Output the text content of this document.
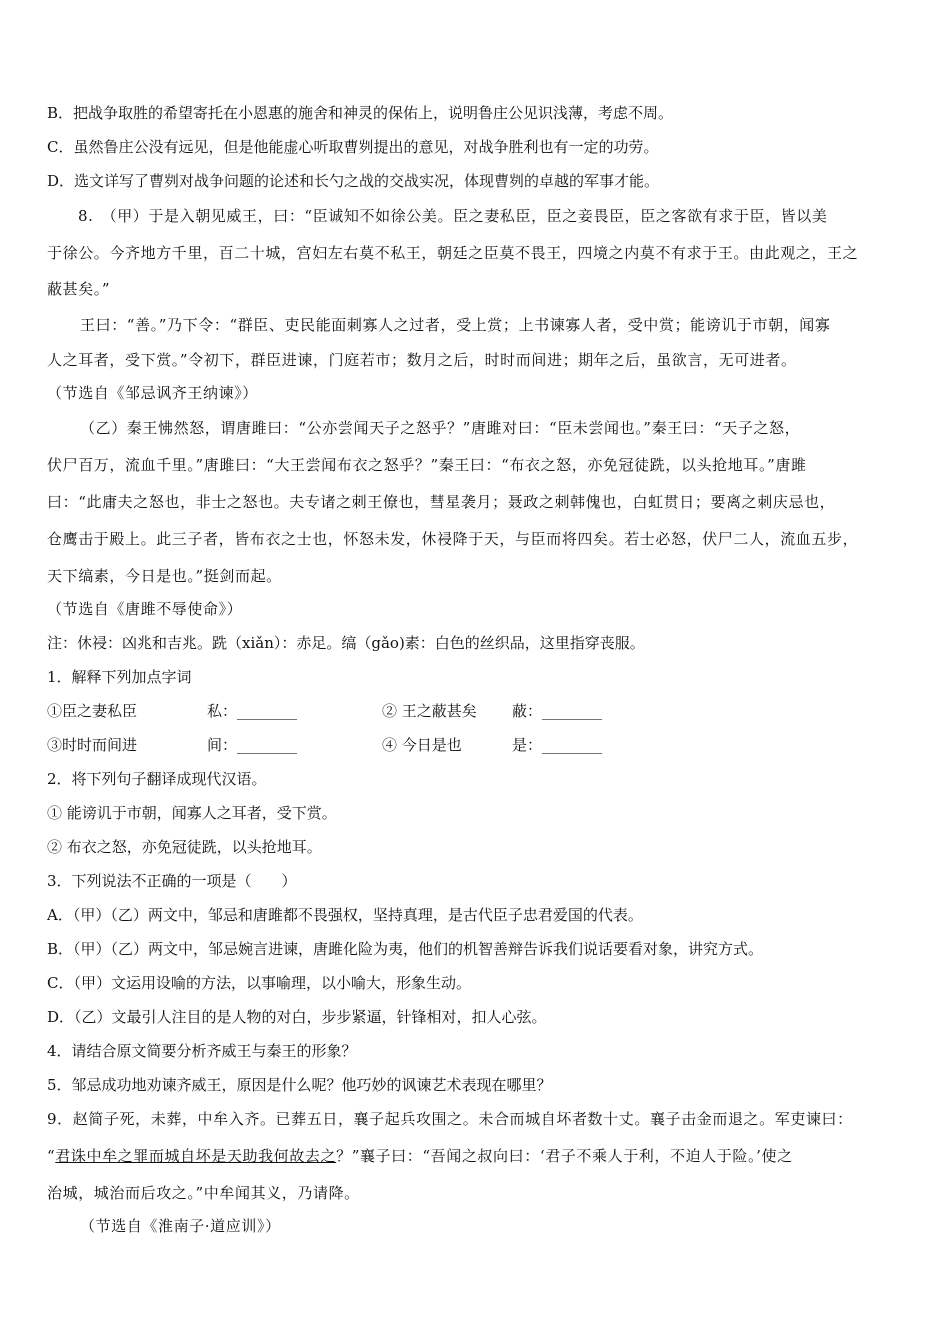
B．把战争取胜的希望寄托在小恩惠的施舍和神灵的保佑上，说明鲁庄公见识浅薄，考虑不周。
C．虽然鲁庄公没有远见，但是他能虚心听取曹刿提出的意见，对战争胜利也有一定的功劳。
D．选文详写了曹刿对战争问题的论述和长勺之战的交战实况，体现曹刿的卓越的军事才能。
8.　（甲）于是入朝见威王，曰：“臣诚知不如徐公美。臣之妻私臣，臣之妾畏臣，臣之客欲有求于臣，皆以美
于徐公。今齐地方千里，百二十城，宫妇左右莫不私王，朝廷之臣莫不畏王，四境之内莫不有求于王。由此观之，王之
蔽甚矣。”
王曰：“善。”乃下令：“群臣、吏民能面刺寡人之过者，受上赏；上书谏寡人者，受中赏；能谤讥于市朝，闻寡
人之耳者，受下赏。”令初下，群臣进谏，门庭若市；数月之后，时时而间进；期年之后，虽欲言，无可进者。
（节选自《邹忌讽齐王纳谏》）
（乙）秦王怫然怒，谓唐雎曰：“公亦尝闻天子之怒乎？”唐雎对曰：“臣未尝闻也。”秦王曰：“天子之怒，
伏尸百万，流血千里。”唐雎曰：“大王尝闻布衣之怒乎？”秦王曰：“布衣之怒，亦免冠徒跣，以头抢地耳。”唐雎
曰：“此庸夫之怒也，非士之怒也。夫专诸之刺王僚也，彗星袭月；聂政之刺韩傀也，白虹贯日；要离之刺庆忌也，
仓鹰击于殿上。此三子者，皆布衣之士也，怀怒未发，休祲降于天，与臣而将四矣。若士必怒，伏尸二人，流血五步，
天下缟素，今日是也。”挺剑而起。
（节选自《唐雎不辱使命》）
注：休祲：凶兆和吉兆。跣（xiǎn）：赤足。缟（gǎo)素：白色的丝织品，这里指穿丧服。
1．解释下列加点字词
①臣之妻私臣	私：________	② 王之蔽甚矣 蔽：________
③时时而间进	间：________	④ 今日是也	是：________
2．将下列句子翻译成现代汉语。
① 能谤讥于市朝，闻寡人之耳者，受下赏。
② 布衣之怒，亦免冠徒跣，以头抢地耳。
3．下列说法不正确的一项是（　　）
A．（甲）（乙）两文中，邹忌和唐雎都不畏强权，坚持真理，是古代臣子忠君爱国的代表。
B．（甲）（乙）两文中，邹忌婉言进谏，唐雎化险为夷，他们的机智善辩告诉我们说话要看对象，讲究方式。
C．（甲）文运用设喻的方法，以事喻理，以小喻大，形象生动。
D．（乙）文最引人注目的是人物的对白，步步紧逼，针锋相对，扣人心弦。
4．请结合原文简要分析齐威王与秦王的形象？
5．邹忌成功地劝谏齐威王，原因是什么呢？他巧妙的讽谏艺术表现在哪里？
9．赵简子死，未葬，中牟入齐。已葬五日，襄子起兵攻围之。未合而城自坏者数十丈。襄子击金而退之。军吏谏曰：
“君诛中牟之罪而城自坏是天助我何故去之？”襄子曰：“吾闻之叔向曰：‘君子不乘人于利，不迫人于险。’使之
治城，城治而后攻之。”中牟闻其义，乃请降。
（节选自《淮南子·道应训》）
